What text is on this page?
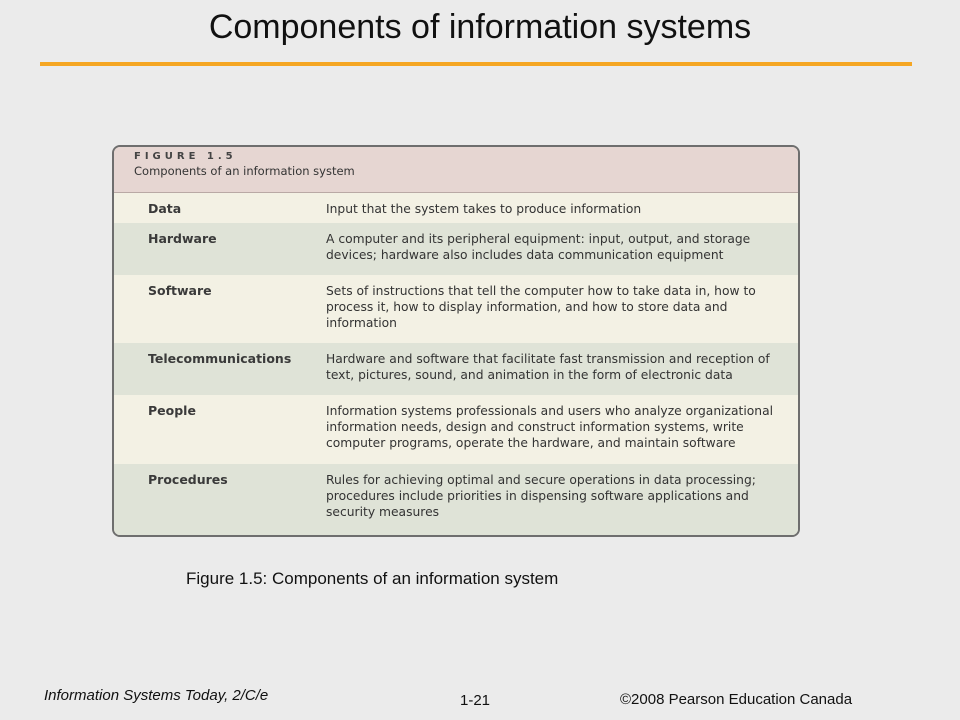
Components of information systems
FIGURE 1.5
Components of an information system
Data	Input that the system takes to produce information
Hardware	A computer and its peripheral equipment: input, output, and storage devices; hardware also includes data communication equipment
Software	Sets of instructions that tell the computer how to take data in, how to process it, how to display information, and how to store data and information
Telecommunications	Hardware and software that facilitate fast transmission and reception of text, pictures, sound, and animation in the form of electronic data
People	Information systems professionals and users who analyze organizational information needs, design and construct information systems, write computer programs, operate the hardware, and maintain software
Procedures	Rules for achieving optimal and secure operations in data processing; procedures include priorities in dispensing software applications and security measures
Figure 1.5: Components of an information system
Information Systems Today, 2/C/e	1-21	©2008 Pearson Education Canada
